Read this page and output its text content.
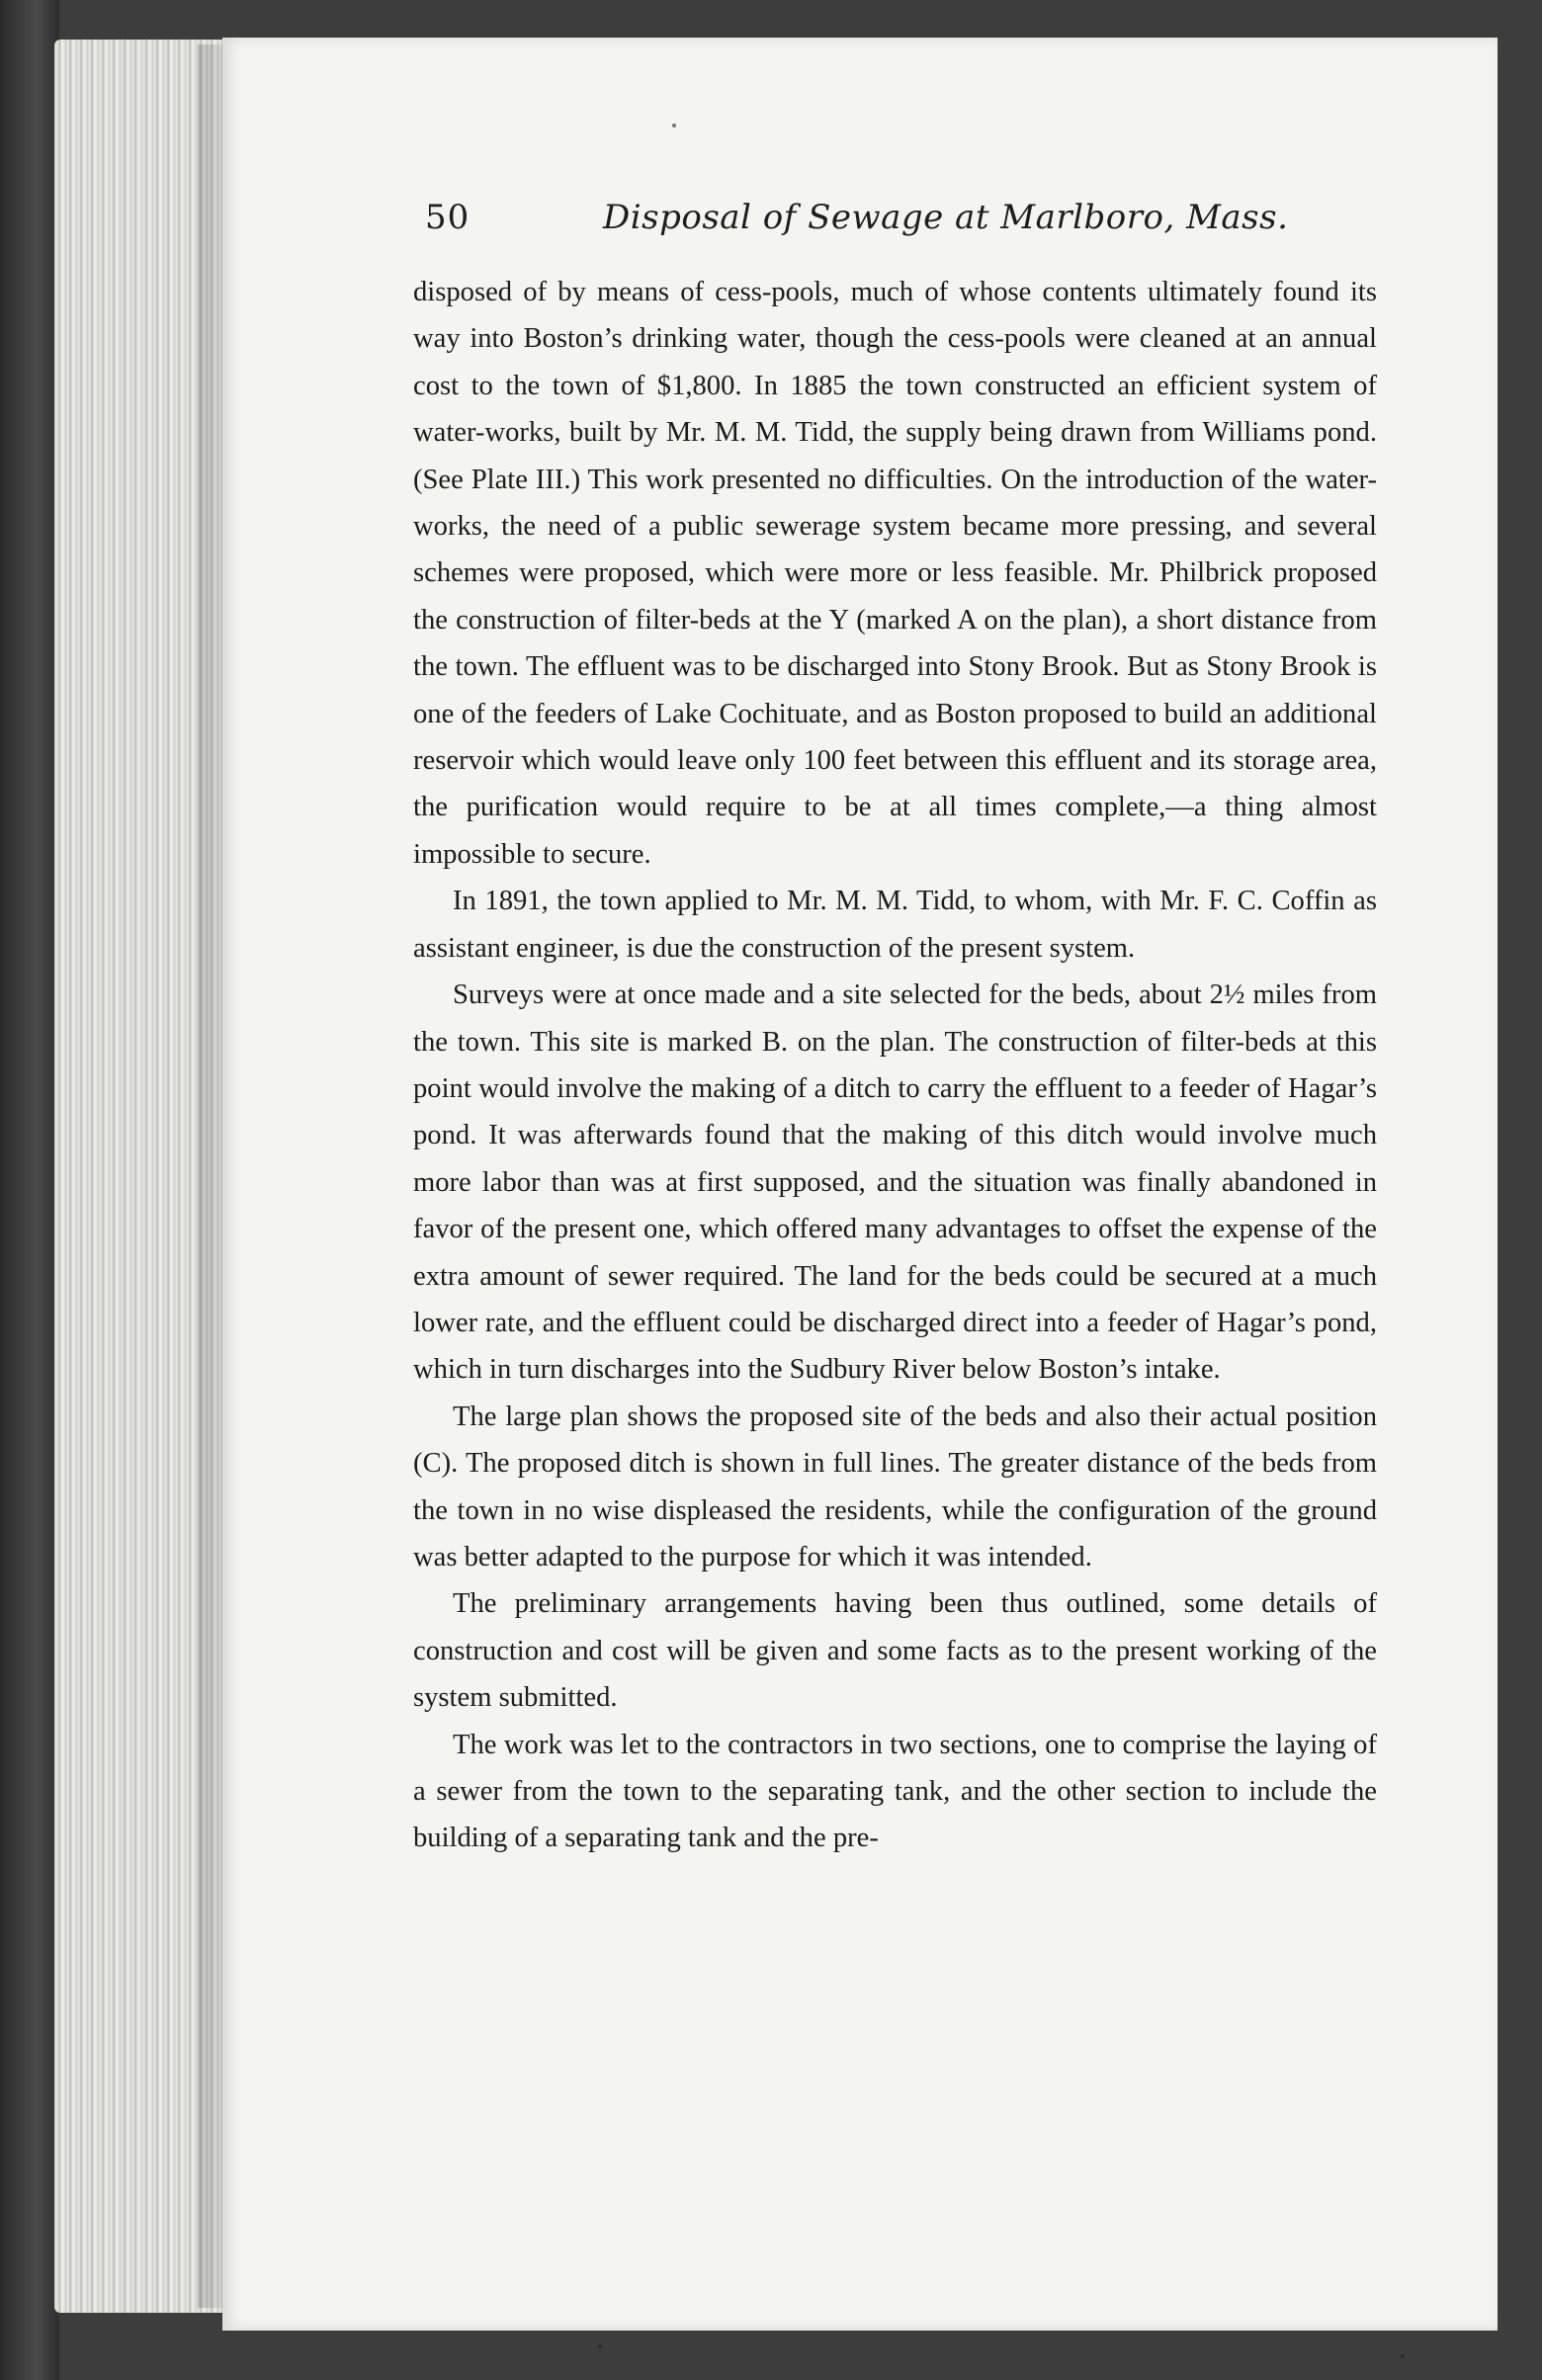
50	Disposal of Sewage at Marlboro, Mass.

disposed of by means of cess-pools, much of whose contents ultimately found its way into Boston’s drinking water, though the cess-pools were cleaned at an annual cost to the town of $1,800. In 1885 the town constructed an efficient system of water-works, built by Mr. M. M. Tidd, the supply being drawn from Williams pond. (See Plate III.) This work presented no difficulties. On the introduction of the water-works, the need of a public sewerage system became more pressing, and several schemes were proposed, which were more or less feasible. Mr. Philbrick proposed the construction of filter-beds at the Y (marked A on the plan), a short distance from the town. The effluent was to be discharged into Stony Brook. But as Stony Brook is one of the feeders of Lake Cochituate, and as Boston proposed to build an additional reservoir which would leave only 100 feet between this effluent and its storage area, the purification would require to be at all times complete,—a thing almost impossible to secure.

In 1891, the town applied to Mr. M. M. Tidd, to whom, with Mr. F. C. Coffin as assistant engineer, is due the construction of the present system.

Surveys were at once made and a site selected for the beds, about 2½ miles from the town. This site is marked B. on the plan. The construction of filter-beds at this point would involve the making of a ditch to carry the effluent to a feeder of Hagar’s pond. It was afterwards found that the making of this ditch would involve much more labor than was at first supposed, and the situation was finally abandoned in favor of the present one, which offered many advantages to offset the expense of the extra amount of sewer required. The land for the beds could be secured at a much lower rate, and the effluent could be discharged direct into a feeder of Hagar’s pond, which in turn discharges into the Sudbury River below Boston’s intake.

The large plan shows the proposed site of the beds and also their actual position (C). The proposed ditch is shown in full lines. The greater distance of the beds from the town in no wise displeased the residents, while the configuration of the ground was better adapted to the purpose for which it was intended.

The preliminary arrangements having been thus outlined, some details of construction and cost will be given and some facts as to the present working of the system submitted.

The work was let to the contractors in two sections, one to comprise the laying of a sewer from the town to the separating tank, and the other section to include the building of a separating tank and the pre-
